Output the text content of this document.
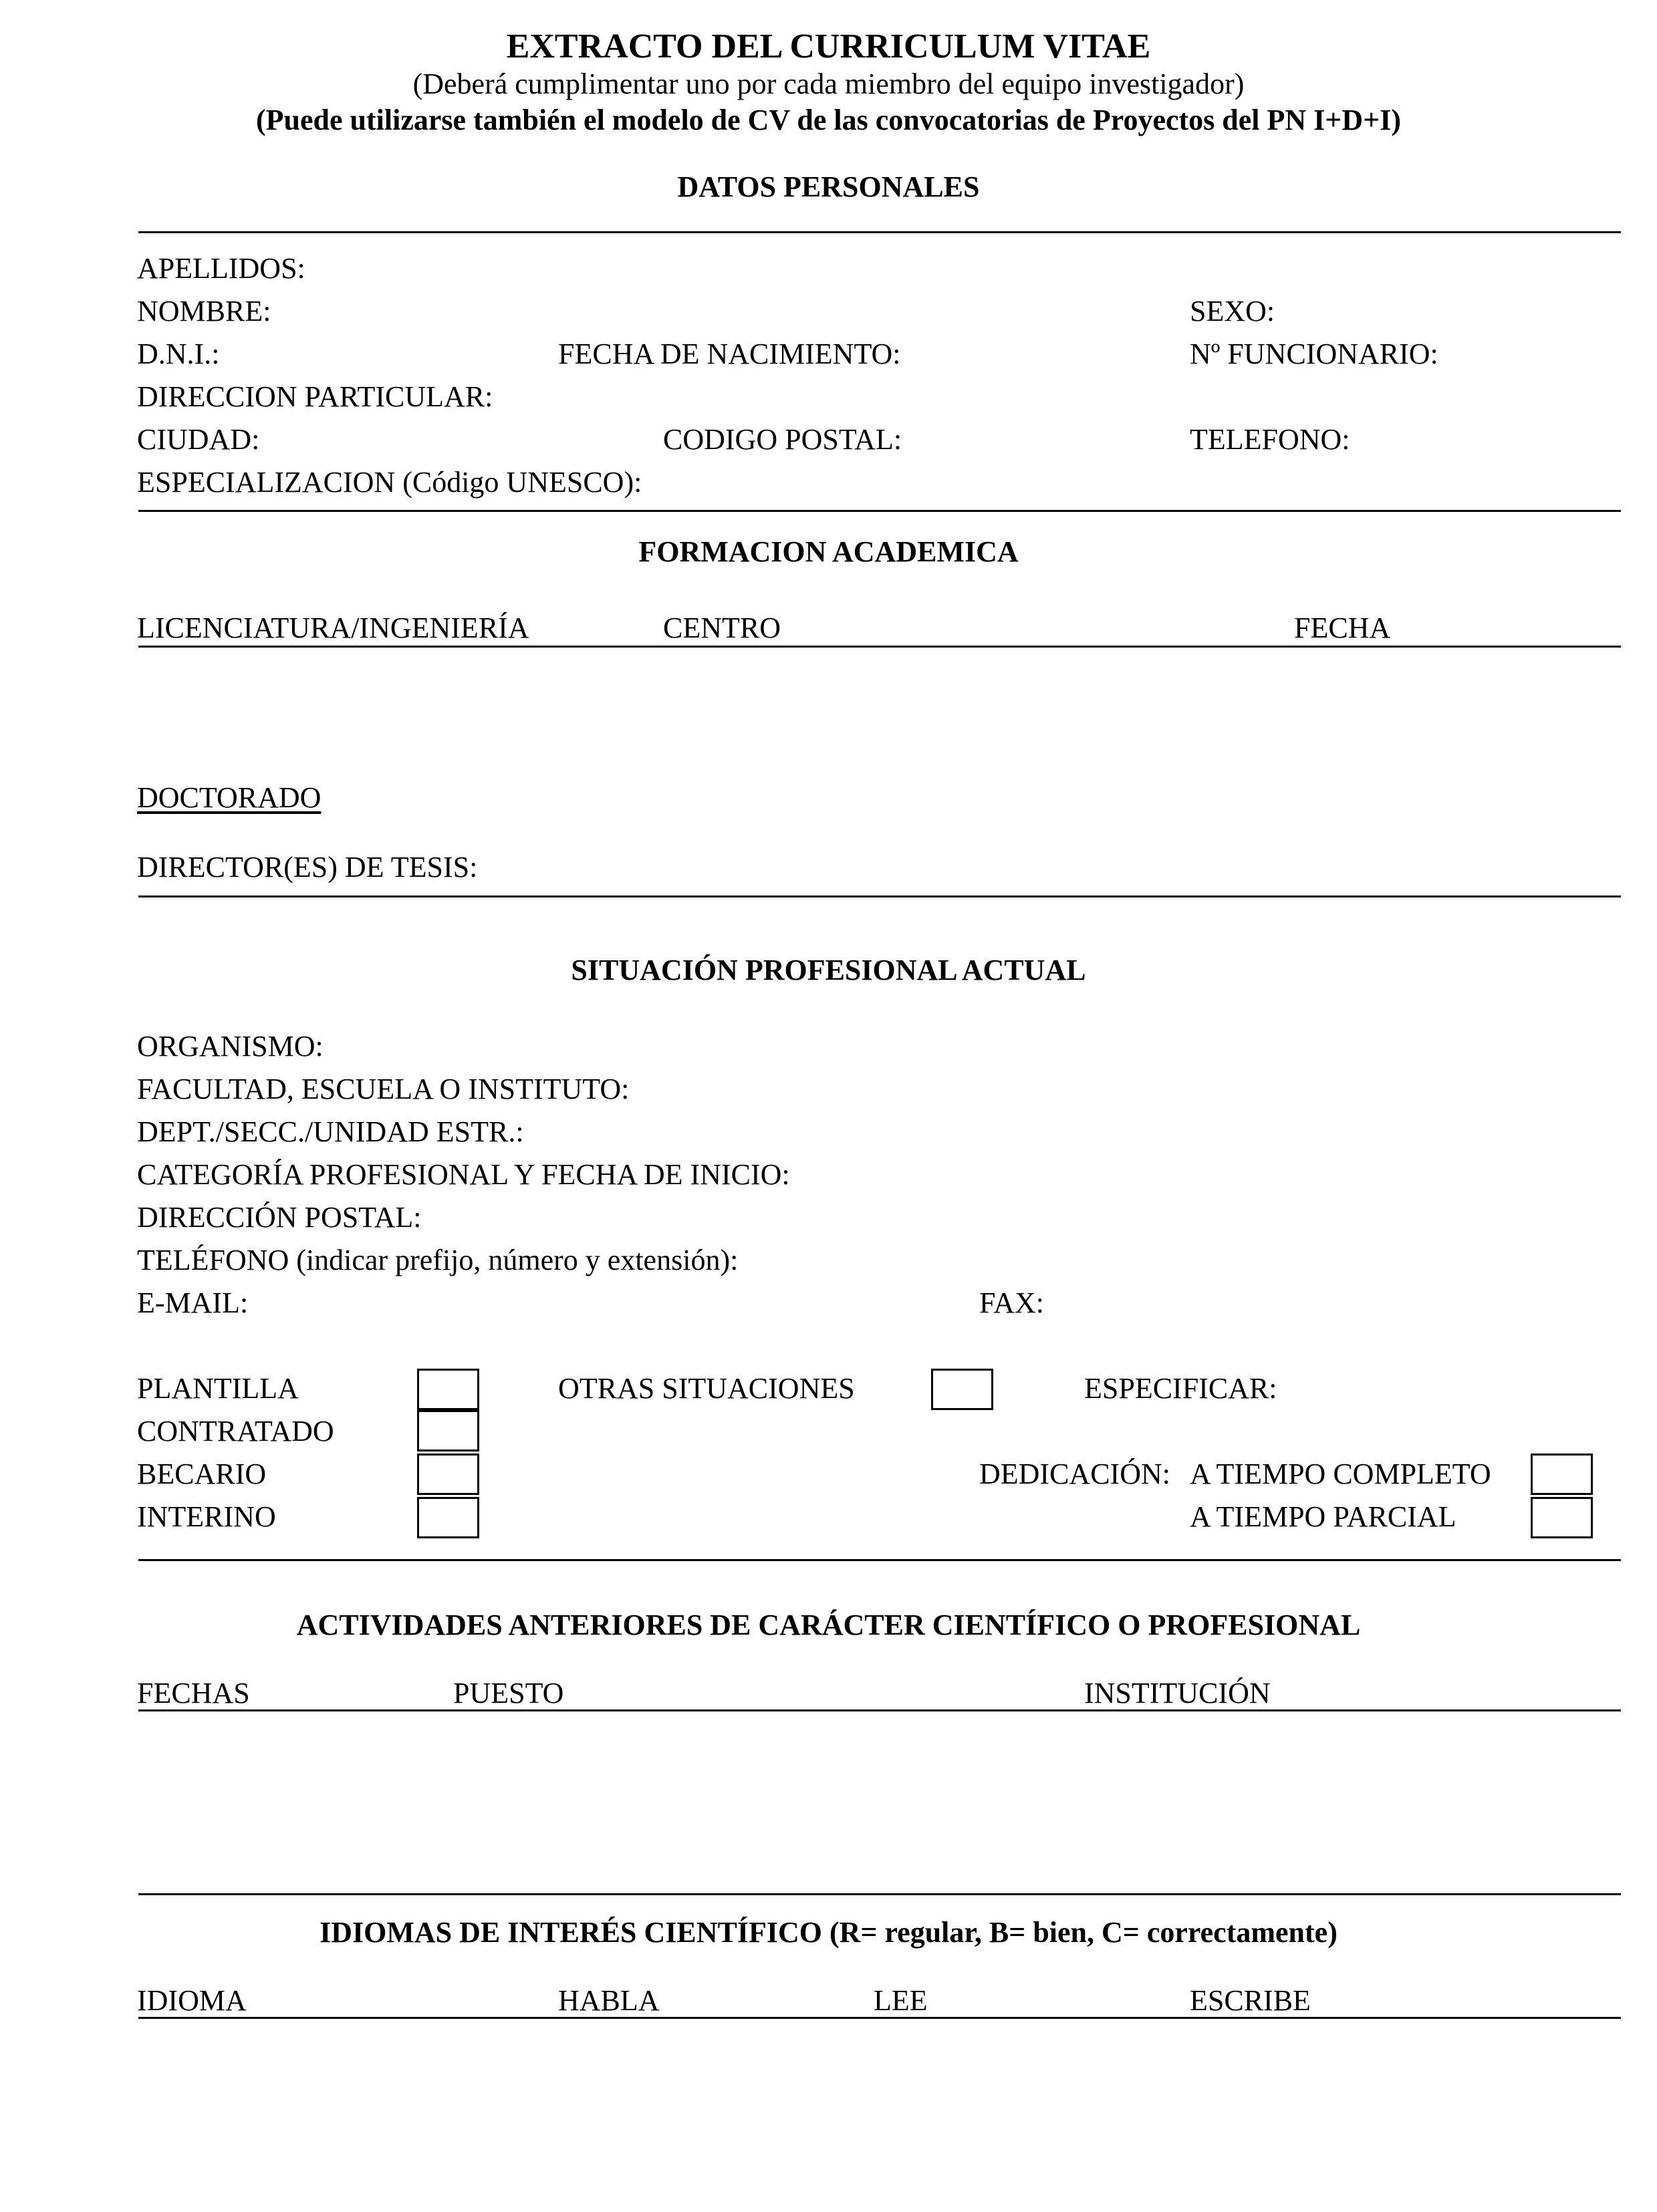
EXTRACTO DEL CURRICULUM VITAE
(Deberá cumplimentar uno por cada miembro del equipo investigador)
(Puede utilizarse también el modelo de CV de las convocatorias de Proyectos del PN I+D+I)
DATOS PERSONALES
APELLIDOS:
NOMBRE:	SEXO:
D.N.I.:	FECHA DE NACIMIENTO:	Nº FUNCIONARIO:
DIRECCION PARTICULAR:
CIUDAD:	CODIGO POSTAL:	TELEFONO:
ESPECIALIZACION (Código UNESCO):
FORMACION ACADEMICA
LICENCIATURA/INGENIERÍA	CENTRO	FECHA
DOCTORADO
DIRECTOR(ES) DE TESIS:
SITUACIÓN PROFESIONAL ACTUAL
ORGANISMO:
FACULTAD, ESCUELA O INSTITUTO:
DEPT./SECC./UNIDAD ESTR.:
CATEGORÍA PROFESIONAL Y FECHA DE INICIO:
DIRECCIÓN POSTAL:
TELÉFONO (indicar prefijo, número y extensión):
E-MAIL:	FAX:
PLANTILLA	OTRAS SITUACIONES	ESPECIFICAR:
CONTRATADO
BECARIO	DEDICACIÓN: A TIEMPO COMPLETO
INTERINO	A TIEMPO PARCIAL
ACTIVIDADES ANTERIORES DE CARÁCTER CIENTÍFICO O PROFESIONAL
FECHAS	PUESTO	INSTITUCIÓN
IDIOMAS DE INTERÉS CIENTÍFICO (R= regular, B= bien, C= correctamente)
IDIOMA	HABLA	LEE	ESCRIBE
